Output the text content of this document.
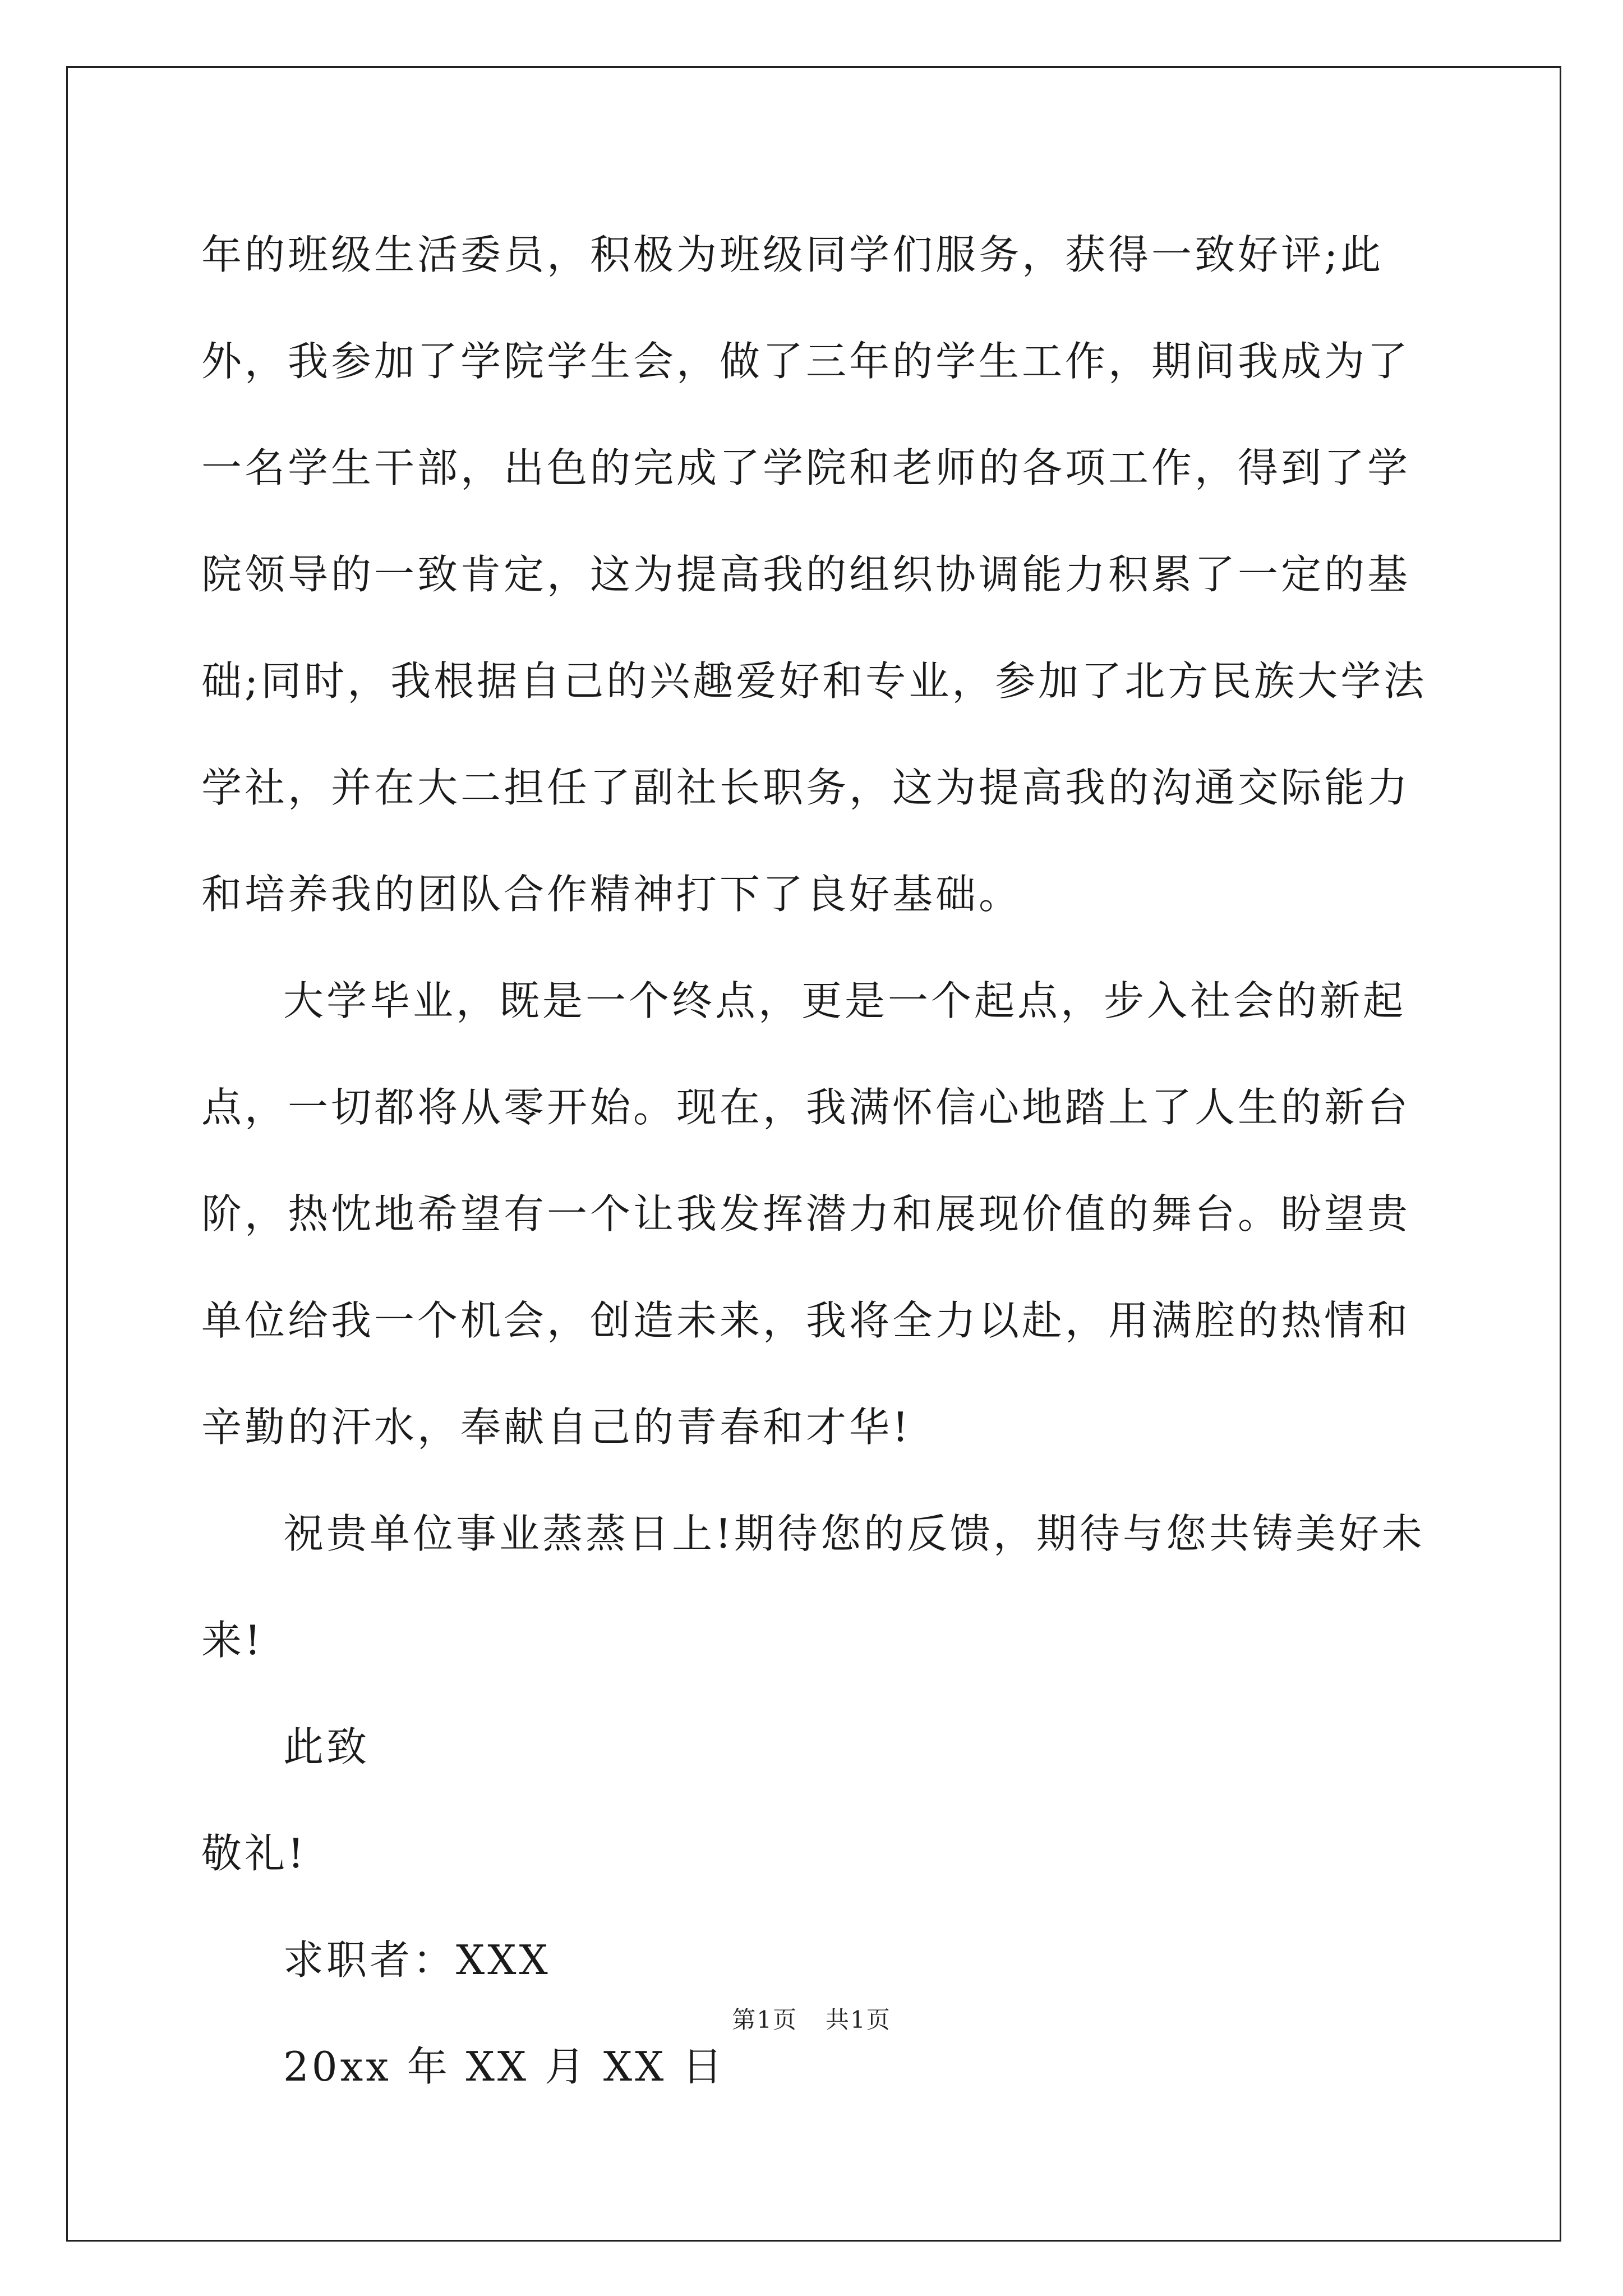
年的班级生活委员，积极为班级同学们服务，获得一致好评;此外，我参加了学院学生会，做了三年的学生工作，期间我成为了一名学生干部，出色的完成了学院和老师的各项工作，得到了学院领导的一致肯定，这为提高我的组织协调能力积累了一定的基础;同时，我根据自己的兴趣爱好和专业，参加了北方民族大学法学社，并在大二担任了副社长职务，这为提高我的沟通交际能力和培养我的团队合作精神打下了良好基础。

大学毕业，既是一个终点，更是一个起点，步入社会的新起点，一切都将从零开始。现在，我满怀信心地踏上了人生的新台阶，热忱地希望有一个让我发挥潜力和展现价值的舞台。盼望贵单位给我一个机会，创造未来，我将全力以赴，用满腔的热情和辛勤的汗水，奉献自己的青春和才华!

祝贵单位事业蒸蒸日上!期待您的反馈，期待与您共铸美好未来!

此致

敬礼!

求职者：XXX

20xx 年 XX 月 XX 日

第1页 共1页
